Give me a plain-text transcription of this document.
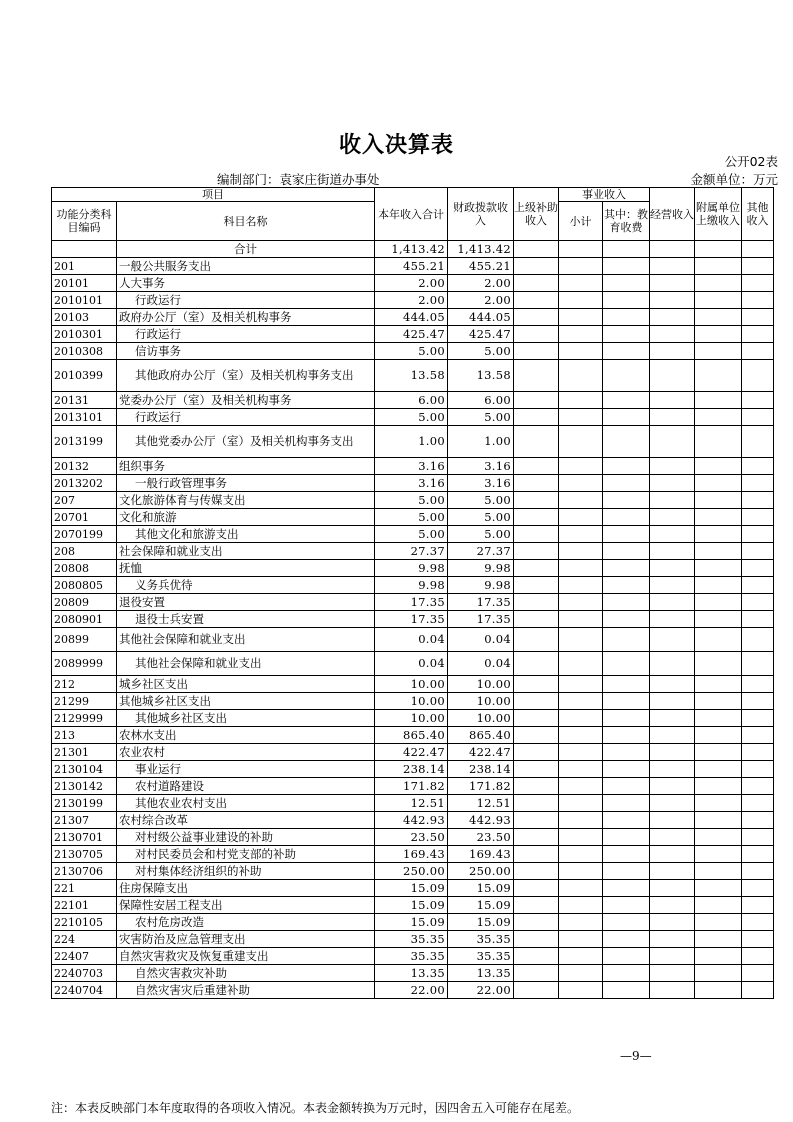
收入决算表
公开02表
编制部门：袁家庄街道办事处	金额单位：万元
项目		本年收入合计	财政拨款收入	上级补助收入	事业收入		经营收入	附属单位上缴收入	其他收入
功能分类科目编码	科目名称				小计	其中：教育收费			

	合计	1,413.42	1,413.42						
201	一般公共服务支出	455.21	455.21						
20101	人大事务	2.00	2.00						
2010101	行政运行	2.00	2.00						
20103	政府办公厅（室）及相关机构事务	444.05	444.05						
2010301	行政运行	425.47	425.47						
2010308	信访事务	5.00	5.00						
2010399	其他政府办公厅（室）及相关机构事务支出	13.58	13.58						
20131	党委办公厅（室）及相关机构事务	6.00	6.00						
2013101	行政运行	5.00	5.00						
2013199	其他党委办公厅（室）及相关机构事务支出	1.00	1.00						
20132	组织事务	3.16	3.16						
2013202	一般行政管理事务	3.16	3.16						
207	文化旅游体育与传媒支出	5.00	5.00						
20701	文化和旅游	5.00	5.00						
2070199	其他文化和旅游支出	5.00	5.00						
208	社会保障和就业支出	27.37	27.37						
20808	抚恤	9.98	9.98						
2080805	义务兵优待	9.98	9.98						
20809	退役安置	17.35	17.35						
2080901	退役士兵安置	17.35	17.35						
20899	其他社会保障和就业支出	0.04	0.04						
2089999	其他社会保障和就业支出	0.04	0.04						
212	城乡社区支出	10.00	10.00						
21299	其他城乡社区支出	10.00	10.00						
2129999	其他城乡社区支出	10.00	10.00						
213	农林水支出	865.40	865.40						
21301	农业农村	422.47	422.47						
2130104	事业运行	238.14	238.14						
2130142	农村道路建设	171.82	171.82						
2130199	其他农业农村支出	12.51	12.51						
21307	农村综合改革	442.93	442.93						
2130701	对村级公益事业建设的补助	23.50	23.50						
2130705	对村民委员会和村党支部的补助	169.43	169.43						
2130706	对村集体经济组织的补助	250.00	250.00						
221	住房保障支出	15.09	15.09						
22101	保障性安居工程支出	15.09	15.09						
2210105	农村危房改造	15.09	15.09						
224	灾害防治及应急管理支出	35.35	35.35						
22407	自然灾害救灾及恢复重建支出	35.35	35.35						
2240703	自然灾害救灾补助	13.35	13.35						
2240704	自然灾害灾后重建补助	22.00	22.00						
—9—
注：本表反映部门本年度取得的各项收入情况。本表金额转换为万元时，因四舍五入可能存在尾差。
